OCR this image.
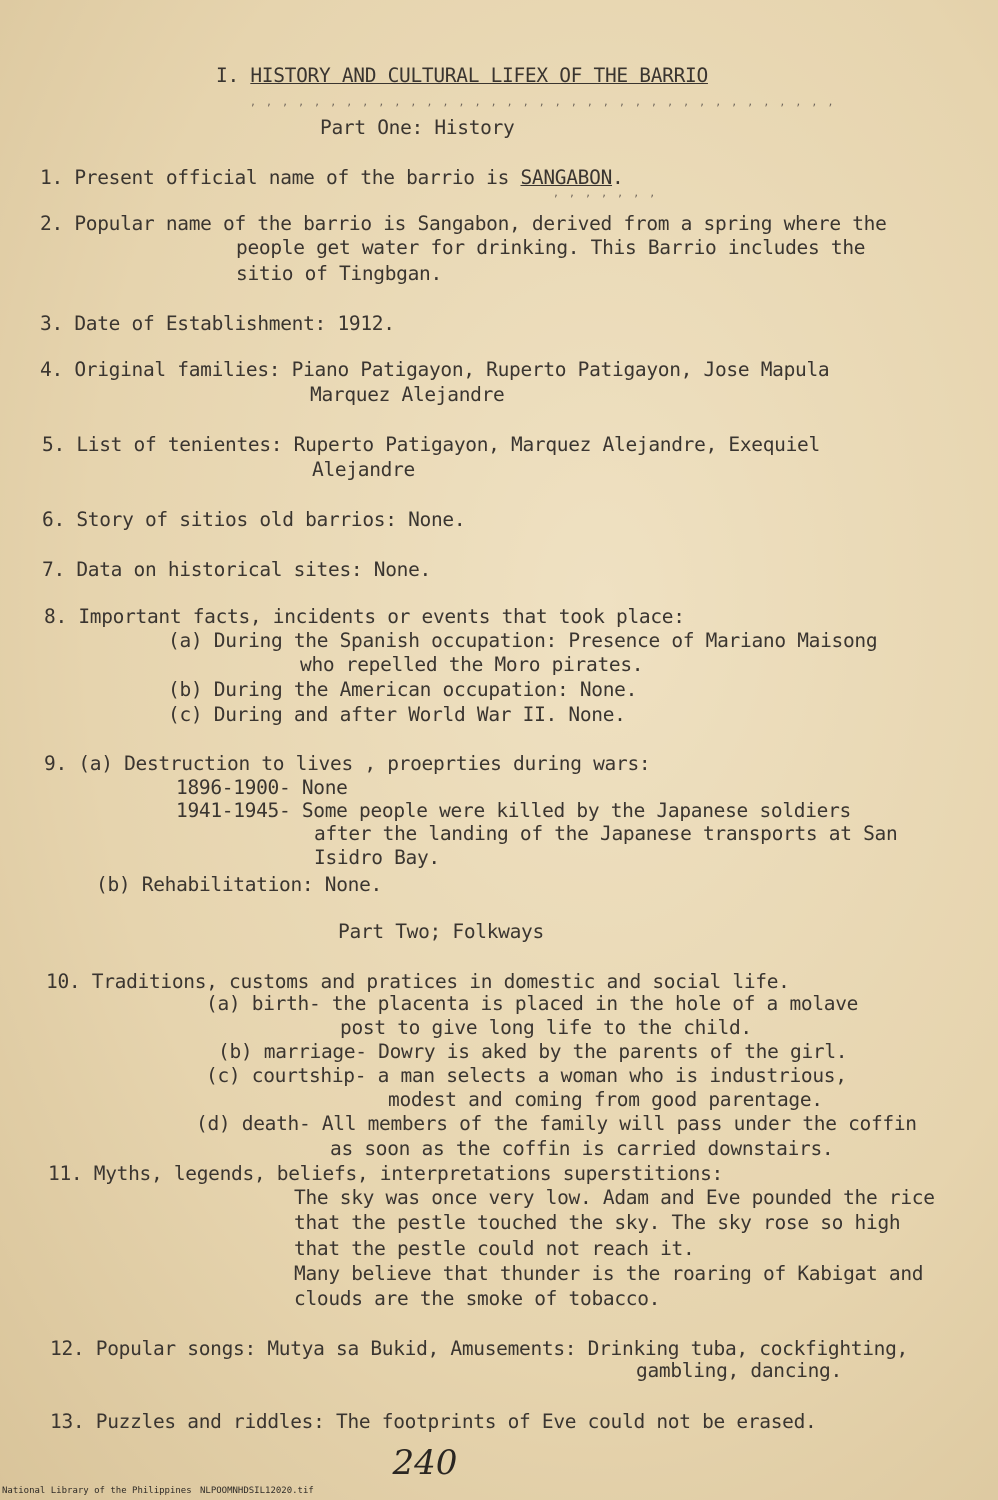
I. HISTORY AND CULTURAL LIFEX OF THE BARRIO
, , , , , , , , , , , , , , , , , , , , , , , , , , , , , , , , , , , , ,
Part One: History
1. Present official name of the barrio is SANGABON.
, , , , , , ,
2. Popular name of the barrio is Sangabon, derived from a spring where the
people get water for drinking. This Barrio includes the
sitio of Tingbgan.
3. Date of Establishment: 1912.
4. Original families: Piano Patigayon, Ruperto Patigayon, Jose Mapula
Marquez Alejandre
5. List of tenientes: Ruperto Patigayon, Marquez Alejandre, Exequiel
Alejandre
6. Story of sitios old barrios: None.
7. Data on historical sites: None.
8. Important facts, incidents or events that took place:
(a) During the Spanish occupation: Presence of Mariano Maisong
who repelled the Moro pirates.
(b) During the American occupation: None.
(c) During and after World War II. None.
9. (a) Destruction to lives , proeprties during wars:
1896-1900- None
1941-1945- Some people were killed by the Japanese soldiers
after the landing of the Japanese transports at San
Isidro Bay.
(b) Rehabilitation: None.
Part Two; Folkways
10. Traditions, customs and pratices in domestic and social life.
(a) birth- the placenta is placed in the hole of a molave
post to give long life to the child.
(b) marriage- Dowry is aked by the parents of the girl.
(c) courtship- a man selects a woman who is industrious,
modest and coming from good parentage.
(d) death- All members of the family will pass under the coffin
as soon as the coffin is carried downstairs.
11. Myths, legends, beliefs, interpretations superstitions:
The sky was once very low. Adam and Eve pounded the rice
that the pestle touched the sky. The sky rose so high
that the pestle could not reach it.
Many believe that thunder is the roaring of Kabigat and
clouds are the smoke of tobacco.
12. Popular songs: Mutya sa Bukid, Amusements: Drinking tuba, cockfighting,
gambling, dancing.
13. Puzzles and riddles: The footprints of Eve could not be erased.
240
National Library of the Philippines NLPOOMNHDSIL12020.tif
